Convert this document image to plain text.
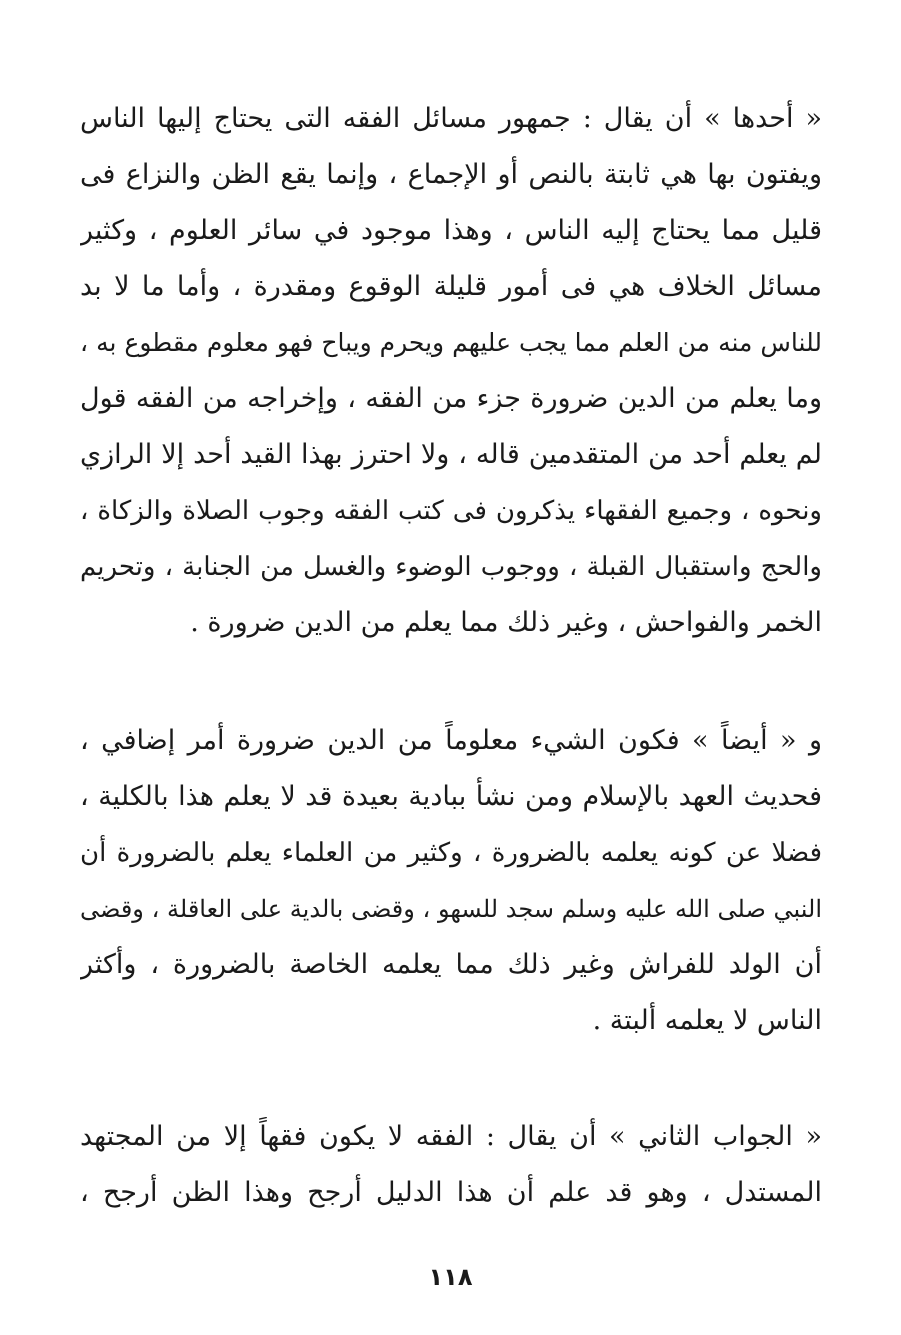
« أحدها » أن يقال : جمهور مسائل الفقه التى يحتاج إليها الناس
ويفتون بها هي ثابتة بالنص أو الإجماع ، وإنما يقع الظن والنزاع فى
قليل مما يحتاج إليه الناس ، وهذا موجود في سائر العلوم ، وكثير
مسائل الخلاف هي فى أمور قليلة الوقوع ومقدرة ، وأما ما لا بد
للناس منه من العلم مما يجب عليهم ويحرم ويباح فهو معلوم مقطوع به ،
وما يعلم من الدين ضرورة جزء من الفقه ، وإخراجه من الفقه قول
لم يعلم أحد من المتقدمين قاله ، ولا احترز بهذا القيد أحد إلا الرازي
ونحوه ، وجميع الفقهاء يذكرون فى كتب الفقه وجوب الصلاة والزكاة ،
والحج واستقبال القبلة ، ووجوب الوضوء والغسل من الجنابة ، وتحريم
الخمر والفواحش ، وغير ذلك مما يعلم من الدين ضرورة .
و « أيضاً » فكون الشيء معلوماً من الدين ضرورة أمر إضافي ،
فحديث العهد بالإسلام ومن نشأ ببادية بعيدة قد لا يعلم هذا بالكلية ،
فضلا عن كونه يعلمه بالضرورة ، وكثير من العلماء يعلم بالضرورة أن
النبي صلى الله عليه وسلم سجد للسهو ، وقضى بالدية على العاقلة ، وقضى
أن الولد للفراش وغير ذلك مما يعلمه الخاصة بالضرورة ، وأكثر
الناس لا يعلمه ألبتة .
« الجواب الثاني » أن يقال : الفقه لا يكون فقهاً إلا من المجتهد
المستدل ، وهو قد علم أن هذا الدليل أرجح وهذا الظن أرجح ،
١١٨
